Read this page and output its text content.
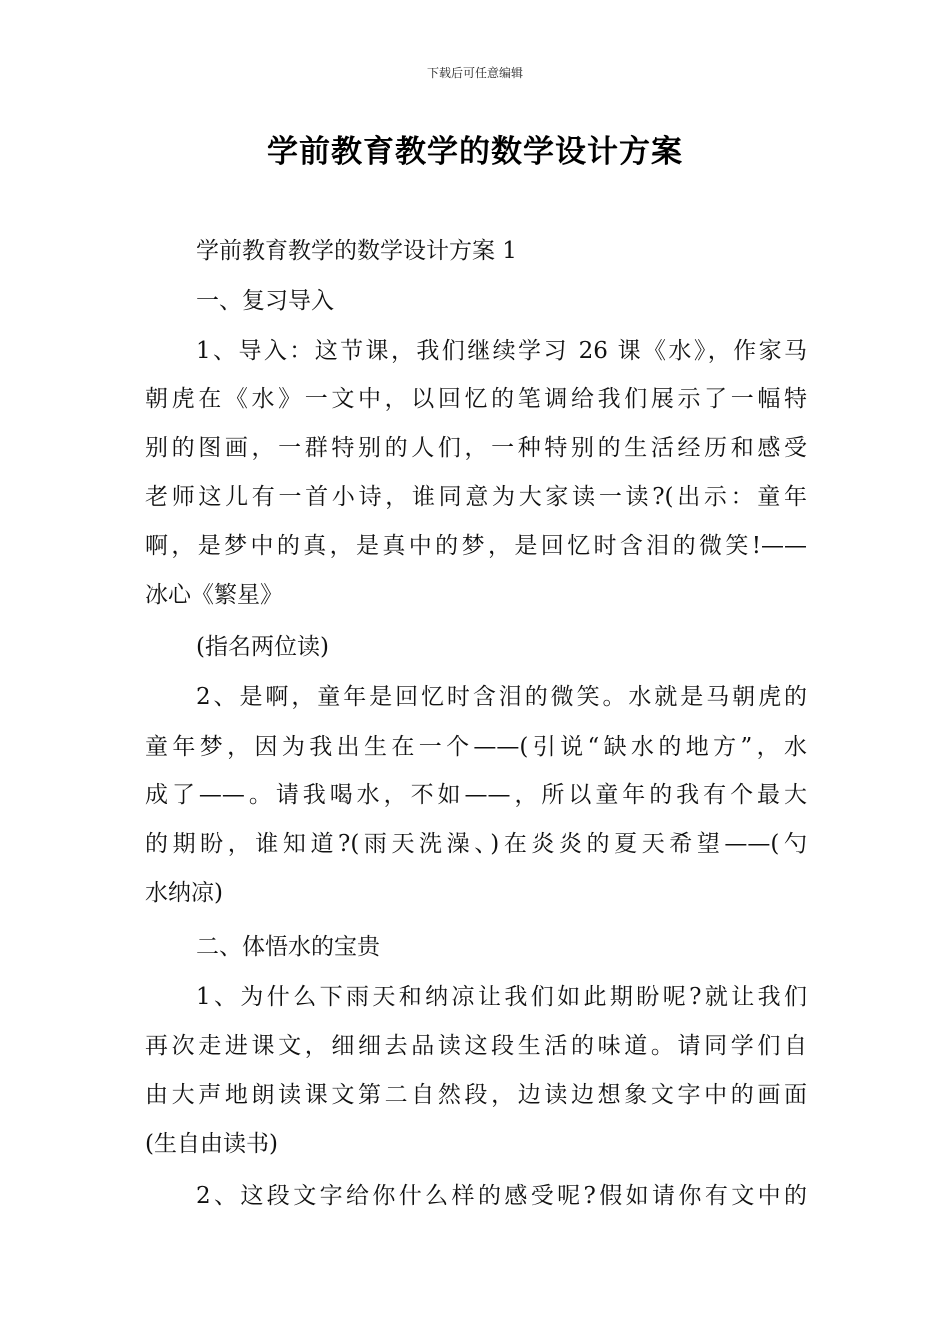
下载后可任意编辑
学前教育教学的数学设计方案
学前教育教学的数学设计方案 1
一、复习导入
1、导入：这节课，我们继续学习 26 课《水》，作家马
朝虎在《水》一文中，以回忆的笔调给我们展示了一幅特
别的图画，一群特别的人们，一种特别的生活经历和感受
老师这儿有一首小诗，谁同意为大家读一读?(出示：童年
啊，是梦中的真，是真中的梦，是回忆时含泪的微笑!——
冰心《繁星》
(指名两位读)
2、是啊，童年是回忆时含泪的微笑。水就是马朝虎的
童年梦，因为我出生在一个——(引说“缺水的地方”，水
成了——。请我喝水，不如——，所以童年的我有个最大
的期盼，谁知道?(雨天洗澡、)在炎炎的夏天希望——(勺
水纳凉)
二、体悟水的宝贵
1、为什么下雨天和纳凉让我们如此期盼呢?就让我们
再次走进课文，细细去品读这段生活的味道。请同学们自
由大声地朗读课文第二自然段，边读边想象文字中的画面
(生自由读书)
2、这段文字给你什么样的感受呢?假如请你有文中的
